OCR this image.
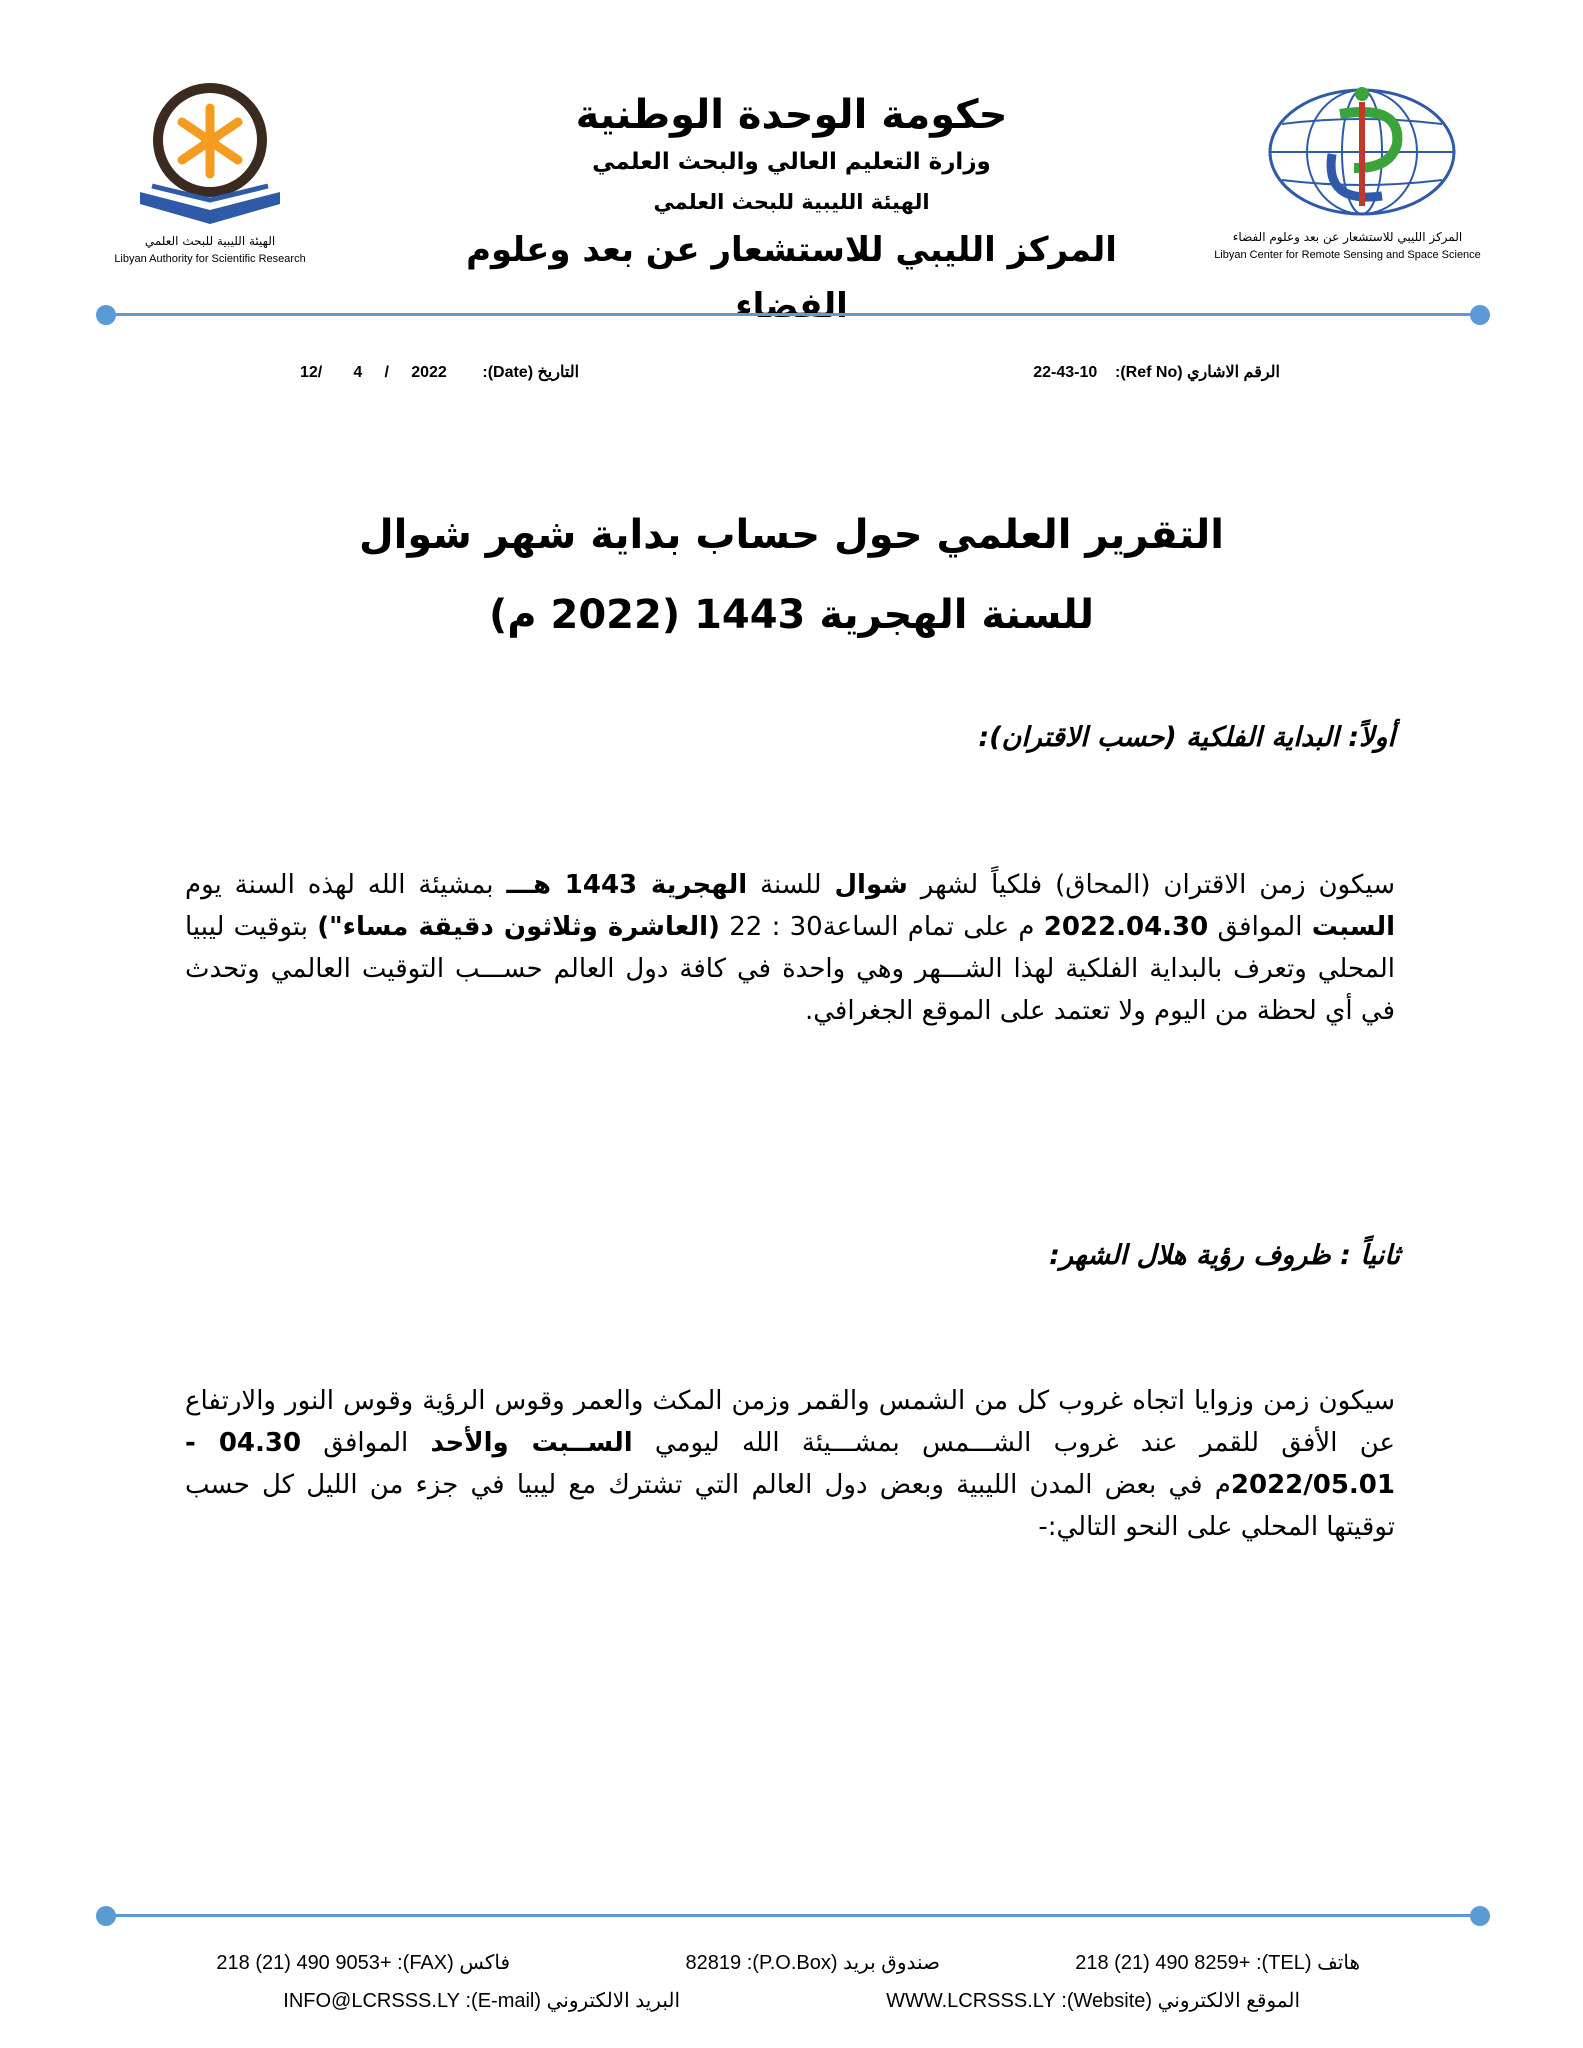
الهيئة الليبية للبحث العلمي
Libyan Authority for Scientific Research
المركز الليبي للاستشعار عن بعد وعلوم الفضاء
Libyan Center for Remote Sensing and Space Science
حكومة الوحدة الوطنية
وزارة التعليم العالي والبحث العلمي
الهيئة الليبية للبحث العلمي
المركز الليبي للاستشعار عن بعد وعلوم الفضاء
الرقم الاشاري (Ref No):    22-43-10
12/ 4 / 2022 التاريخ (Date):
التقرير العلمي حول حساب بداية شهر شوال
للسنة الهجرية 1443 (2022 م)
أولاً: البداية الفلكية (حسب الاقتران):
سيكون زمن الاقتران (المحاق) فلكياً لشهر شوال للسنة الهجرية 1443 هـــ بمشيئة الله لهذه السنة يوم السبت الموافق 2022.04.30 م على تمام الساعة30 : 22 (العاشرة وثلاثون دقيقة مساء") بتوقيت ليبيا المحلي وتعرف بالبداية الفلكية لهذا الشـــهر وهي واحدة في كافة دول العالم حســـب التوقيت العالمي وتحدث في أي لحظة من اليوم ولا تعتمد على الموقع الجغرافي.
ثانياً : ظروف رؤية هلال الشهر:
سيكون زمن وزوايا اتجاه غروب كل من الشمس والقمر وزمن المكث والعمر وقوس الرؤية وقوس النور والارتفاع عن الأفق للقمر عند غروب الشـــمس بمشـــيئة الله ليومي الســبت والأحد الموافق 04.30 - 2022/05.01م في بعض المدن الليبية وبعض دول العالم التي تشترك مع ليبيا في جزء من الليل كل حسب توقيتها المحلي على النحو التالي:-
هاتف (TEL): +218 (21) 490 8259
صندوق بريد (P.O.Box): 82819
فاكس (FAX): +218 (21) 490 9053
الموقع الالكتروني (Website): WWW.LCRSSS.LY
البريد الالكتروني (E-mail): INFO@LCRSSS.LY
